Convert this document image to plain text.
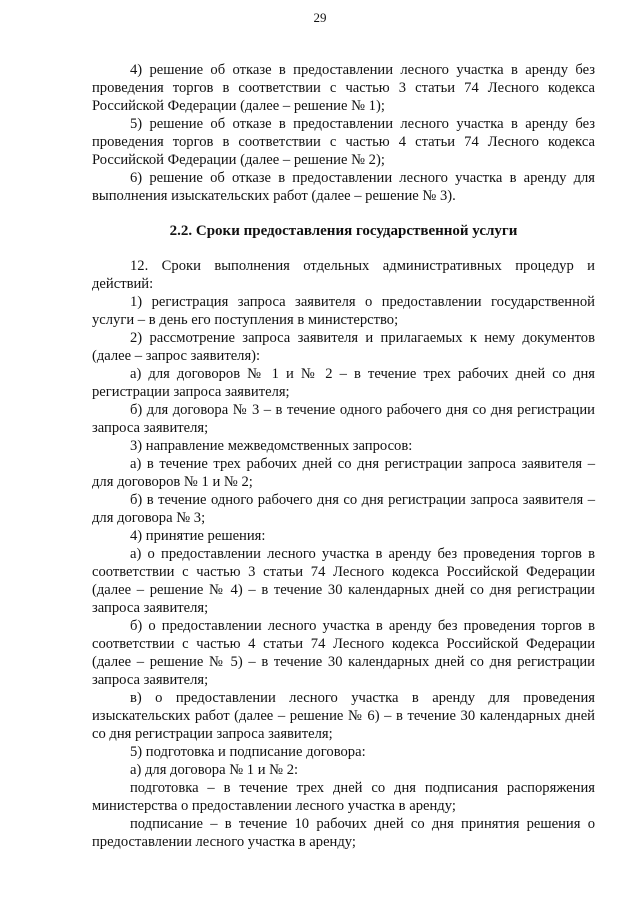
29

4) решение об отказе в предоставлении лесного участка в аренду без проведения торгов в соответствии с частью 3 статьи 74 Лесного кодекса Российской Федерации (далее – решение № 1);

5) решение об отказе в предоставлении лесного участка в аренду без проведения торгов в соответствии с частью 4 статьи 74 Лесного кодекса Российской Федерации (далее – решение № 2);

6) решение об отказе в предоставлении лесного участка в аренду для выполнения изыскательских работ (далее – решение № 3).

2.2. Сроки предоставления государственной услуги

12. Сроки выполнения отдельных административных процедур и действий:

1) регистрация запроса заявителя о предоставлении государственной услуги – в день его поступления в министерство;

2) рассмотрение запроса заявителя и прилагаемых к нему документов (далее – запрос заявителя):

а) для договоров № 1 и № 2 – в течение трех рабочих дней со дня регистрации запроса заявителя;

б) для договора № 3 – в течение одного рабочего дня со дня регистрации запроса заявителя;

3) направление межведомственных запросов:

а) в течение трех рабочих дней со дня регистрации запроса заявителя – для договоров № 1 и № 2;

б) в течение одного рабочего дня со дня регистрации запроса заявителя – для договора № 3;

4) принятие решения:

а) о предоставлении лесного участка в аренду без проведения торгов в соответствии с частью 3 статьи 74 Лесного кодекса Российской Федерации (далее – решение № 4) – в течение 30 календарных дней со дня регистрации запроса заявителя;

б) о предоставлении лесного участка в аренду без проведения торгов в соответствии с частью 4 статьи 74 Лесного кодекса Российской Федерации (далее – решение № 5) – в течение 30 календарных дней со дня регистрации запроса заявителя;

в) о предоставлении лесного участка в аренду для проведения изыскательских работ (далее – решение № 6) – в течение 30 календарных дней со дня регистрации запроса заявителя;

5) подготовка и подписание договора:

а) для договора № 1 и № 2:

подготовка – в течение трех дней со дня подписания распоряжения министерства о предоставлении лесного участка в аренду;

подписание – в течение 10 рабочих дней со дня принятия решения о предоставлении лесного участка в аренду;
